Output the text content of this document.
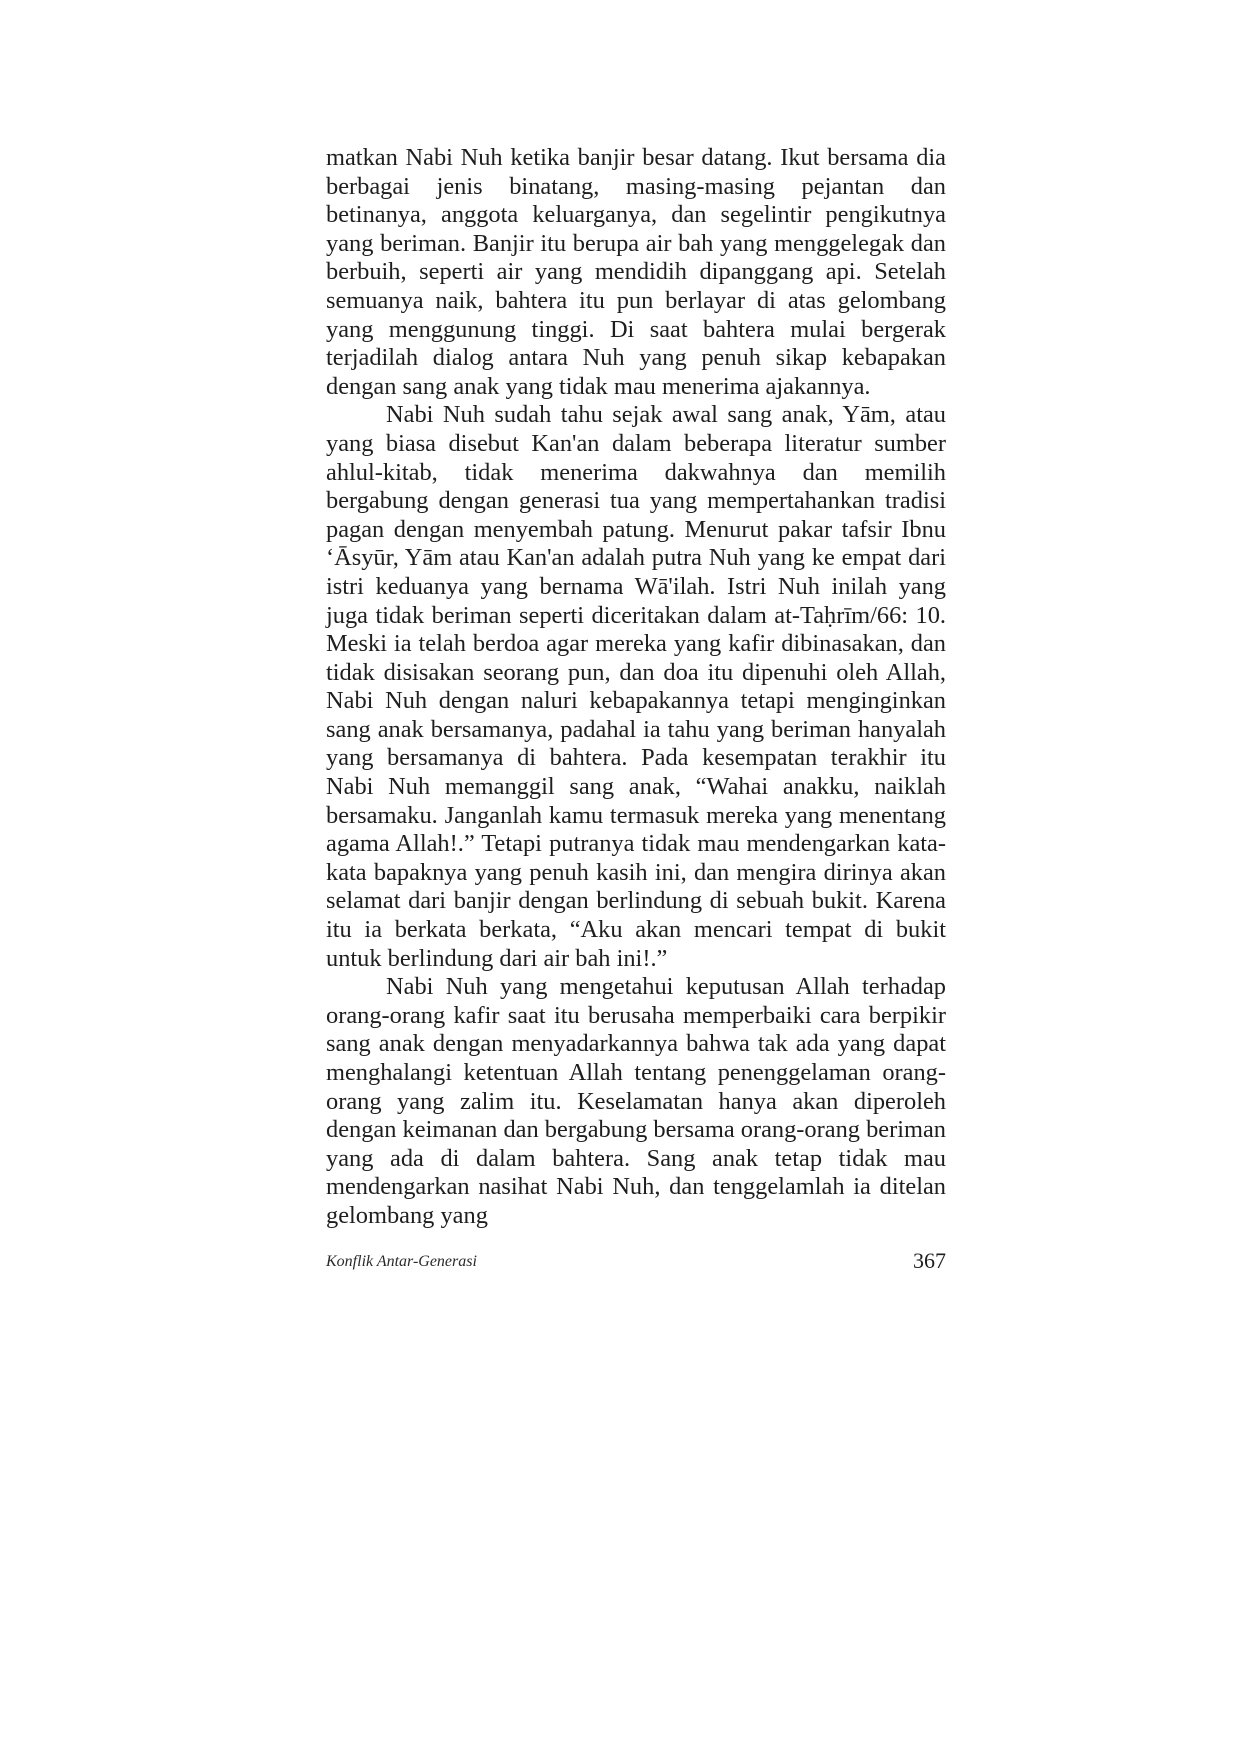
matkan Nabi Nuh ketika banjir besar datang. Ikut bersama dia berbagai jenis binatang, masing-masing pejantan dan betinanya, anggota keluarganya, dan segelintir pengikutnya yang beriman. Banjir itu berupa air bah yang menggelegak dan berbuih, seperti air yang mendidih dipanggang api. Setelah semuanya naik, bahtera itu pun berlayar di atas gelombang yang menggunung tinggi. Di saat bahtera mulai bergerak terjadilah dialog antara Nuh yang penuh sikap kebapakan dengan sang anak yang tidak mau menerima ajakannya.

Nabi Nuh sudah tahu sejak awal sang anak, Yām, atau yang biasa disebut Kan'an dalam beberapa literatur sumber ahlul-kitab, tidak menerima dakwahnya dan memilih bergabung dengan generasi tua yang mempertahankan tradisi pagan dengan menyembah patung. Menurut pakar tafsir Ibnu ‘Āsyūr, Yām atau Kan'an adalah putra Nuh yang ke empat dari istri keduanya yang bernama Wā'ilah. Istri Nuh inilah yang juga tidak beriman seperti diceritakan dalam at-Taḥrīm/66: 10. Meski ia telah berdoa agar mereka yang kafir dibinasakan, dan tidak disisakan seorang pun, dan doa itu dipenuhi oleh Allah, Nabi Nuh dengan naluri kebapakannya tetapi menginginkan sang anak bersamanya, padahal ia tahu yang beriman hanyalah yang bersamanya di bahtera. Pada kesempatan terakhir itu Nabi Nuh memanggil sang anak, “Wahai anakku, naiklah bersamaku. Janganlah kamu termasuk mereka yang menentang agama Allah!.” Tetapi putranya tidak mau mendengarkan kata-kata bapaknya yang penuh kasih ini, dan mengira dirinya akan selamat dari banjir dengan berlindung di sebuah bukit. Karena itu ia berkata berkata, “Aku akan mencari tempat di bukit untuk berlindung dari air bah ini!.”

Nabi Nuh yang mengetahui keputusan Allah terhadap orang-orang kafir saat itu berusaha memperbaiki cara berpikir sang anak dengan menyadarkannya bahwa tak ada yang dapat menghalangi ketentuan Allah tentang penenggelaman orang-orang yang zalim itu. Keselamatan hanya akan diperoleh dengan keimanan dan bergabung bersama orang-orang beriman yang ada di dalam bahtera. Sang anak tetap tidak mau mendengarkan nasihat Nabi Nuh, dan tenggelamlah ia ditelan gelombang yang

Konflik Antar-Generasi	367
